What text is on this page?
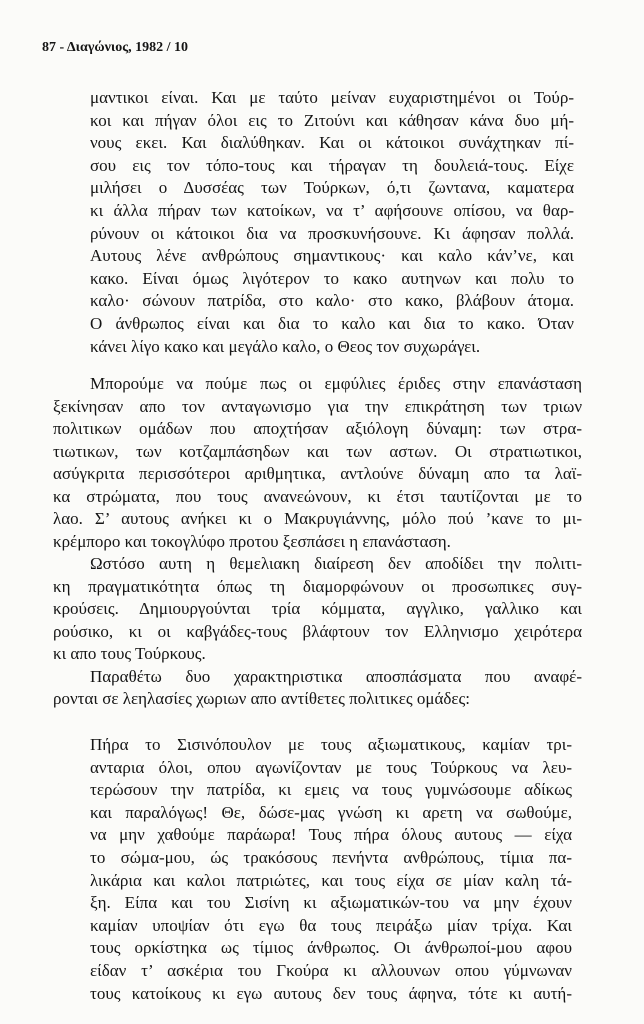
87 - Διαγώνιος, 1982 / 10
μαντικοι είναι. Και με ταύτο μείναν ευχαριστημένοι οι Τούρ-
κοι και πήγαν όλοι εις το Ζιτούνι και κάθησαν κάνα δυο μή-
νους εκει. Και διαλύθηκαν. Και οι κάτοικοι συνάχτηκαν πί-
σου εις τον τόπο-τους και τήραγαν τη δουλειά-τους. Είχε
μιλήσει ο Δυσσέας των Τούρκων, ό,τι ζωντανα, καματερα
κι άλλα πήραν των κατοίκων, να τ’ αφήσουνε οπίσου, να θαρ-
ρύνουν οι κάτοικοι δια να προσκυνήσουνε. Κι άφησαν πολλά.
Αυτους λένε ανθρώπους σημαντικους· και καλο κάν’νε, και
κακο. Είναι όμως λιγότερον το κακο αυτηνων και πολυ το
καλο· σώνουν πατρίδα, στο καλο· στο κακο, βλάβουν άτομα.
Ο άνθρωπος είναι και δια το καλο και δια το κακο. Όταν
κάνει λίγο κακο και μεγάλο καλο, ο Θεος τον συχωράγει.
Μπορούμε να πούμε πως οι εμφύλιες έριδες στην επανάσταση
ξεκίνησαν απο τον ανταγωνισμο για την επικράτηση των τριων
πολιτικων ομάδων που αποχτήσαν αξιόλογη δύναμη: των στρα-
τιωτικων, των κοτζαμπάσηδων και των αστων. Οι στρατιωτικοι,
ασύγκριτα περισσότεροι αριθμητικα, αντλούνε δύναμη απο τα λαϊ-
κα στρώματα, που τους ανανεώνουν, κι έτσι ταυτίζονται με το
λαο. Σ’ αυτους ανήκει κι ο Μακρυγιάννης, μόλο πού ’κανε το μι-
κρέμπορο και τοκογλύφο προτου ξεσπάσει η επανάσταση.
Ωστόσο αυτη η θεμελιακη διαίρεση δεν αποδίδει την πολιτι-
κη πραγματικότητα όπως τη διαμορφώνουν οι προσωπικες συγ-
κρούσεις. Δημιουργούνται τρία κόμματα, αγγλικο, γαλλικο και
ρούσικο, κι οι καβγάδες-τους βλάφτουν τον Ελληνισμο χειρότερα
κι απο τους Τούρκους.
Παραθέτω δυο χαρακτηριστικα αποσπάσματα που αναφέ-
ρονται σε λεηλασίες χωριων απο αντίθετες πολιτικες ομάδες:
Πήρα το Σισινόπουλον με τους αξιωματικους, καμίαν τρι-
ανταρια όλοι, οπου αγωνίζονταν με τους Τούρκους να λευ-
τερώσουν την πατρίδα, κι εμεις να τους γυμνώσουμε αδίκως
και παραλόγως! Θε, δώσε-μας γνώση κι αρετη να σωθούμε,
να μην χαθούμε παράωρα! Τους πήρα όλους αυτους — είχα
το σώμα-μου, ώς τρακόσους πενήντα ανθρώπους, τίμια πα-
λικάρια και καλοι πατριώτες, και τους είχα σε μίαν καλη τά-
ξη. Είπα και του Σισίνη κι αξιωματικών-του να μην έχουν
καμίαν υποψίαν ότι εγω θα τους πειράξω μίαν τρίχα. Και
τους ορκίστηκα ως τίμιος άνθρωπος. Οι άνθρωποί-μου αφου
είδαν τ’ ασκέρια του Γκούρα κι αλλουνων οπου γύμνωναν
τους κατοίκους κι εγω αυτους δεν τους άφηνα, τότε κι αυτή-
